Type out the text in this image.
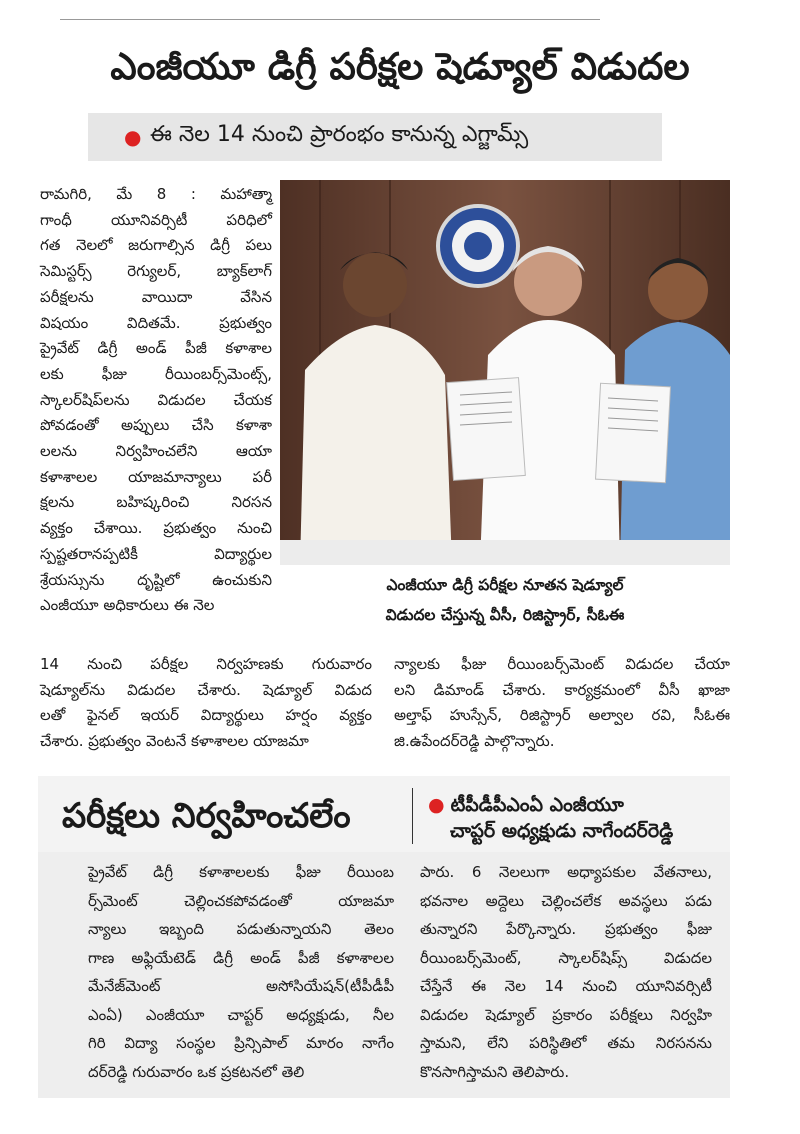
ఎంజీయూ డిగ్రీ పరీక్షల షెడ్యూల్ విడుదల
● ఈ నెల 14 నుంచి ప్రారంభం కానున్న ఎగ్జామ్స్
రామగిరి, మే 8 : మహాత్మా
గాంధీ యూనివర్సిటీ పరిధిలో
గత నెలలో జరుగాల్సిన డిగ్రీ పలు
సెమిస్టర్స్ రెగ్యులర్, బ్యాక్‌లాగ్
పరీక్షలను వాయిదా వేసిన
విషయం విదితమే. ప్రభుత్వం
ప్రైవేట్ డిగ్రీ అండ్ పీజీ కళాశాల
లకు ఫీజు రీయింబర్స్‌మెంట్స్,
స్కాలర్‌షిప్‌లను విడుదల చేయక
పోవడంతో అప్పులు చేసి కళాశా
లలను నిర్వహించలేని ఆయా
కళాశాలల యాజమాన్యాలు పరీ
క్షలను బహిష్కరించి నిరసన
వ్యక్తం చేశాయి. ప్రభుత్వం నుంచి
స్పష్టతరానప్పటికీ విద్యార్థుల
శ్రేయస్సును దృష్టిలో ఉంచుకుని
ఎంజీయూ అధికారులు ఈ నెల
ఎంజీయూ డిగ్రీ పరీక్షల నూతన షెడ్యూల్
విడుదల చేస్తున్న వీసీ, రిజిస్ట్రార్, సీఓఈ
14 నుంచి పరీక్షల నిర్వహణకు గురువారం
షెడ్యూల్‌ను విడుదల చేశారు. షెడ్యూల్ విడుద
లతో ఫైనల్ ఇయర్ విద్యార్థులు హర్షం వ్యక్తం
చేశారు. ప్రభుత్వం వెంటనే కళాశాలల యాజమా
న్యాలకు ఫీజు రీయింబర్స్‌మెంట్ విడుదల చేయా
లని డిమాండ్ చేశారు. కార్యక్రమంలో వీసీ ఖాజా
అల్తాఫ్ హుస్సేన్, రిజిస్ట్రార్ అల్వాల రవి, సీఓఈ
జి.ఉపేందర్‌రెడ్డి పాల్గొన్నారు.
పరీక్షలు నిర్వహించలేం	● టీపీడీపీఎంఏ ఎంజీయూ
చాప్టర్ అధ్యక్షుడు నాగేందర్‌రెడ్డి
ప్రైవేట్ డిగ్రీ కళాశాలలకు ఫీజు రీయింబ
ర్స్‌మెంట్ చెల్లించకపోవడంతో యాజమా
న్యాలు ఇబ్బంది పడుతున్నాయని తెలం
గాణ అఫ్లియేటెడ్ డిగ్రీ అండ్ పీజీ కళాశాలల
మేనేజ్‌మెంట్ అసోసియేషన్(టీపీడీపీ
ఎంఏ) ఎంజీయూ చాప్టర్ అధ్యక్షుడు, నీల
గిరి విద్యా సంస్థల ప్రిన్సిపాల్ మారం నాగేం
దర్‌రెడ్డి గురువారం ఒక ప్రకటనలో తెలి
పారు. 6 నెలలుగా అధ్యాపకుల వేతనాలు,
భవనాల అద్దెలు చెల్లించలేక అవస్థలు పడు
తున్నారని పేర్కొన్నారు. ప్రభుత్వం ఫీజు
రీయింబర్స్‌మెంట్, స్కాలర్‌షిప్స్ విడుదల
చేస్తేనే ఈ నెల 14 నుంచి యూనివర్సిటీ
విడుదల షెడ్యూల్ ప్రకారం పరీక్షలు నిర్వహి
స్తామని, లేని పరిస్థితిలో తమ నిరసనను
కొనసాగిస్తామని తెలిపారు.
